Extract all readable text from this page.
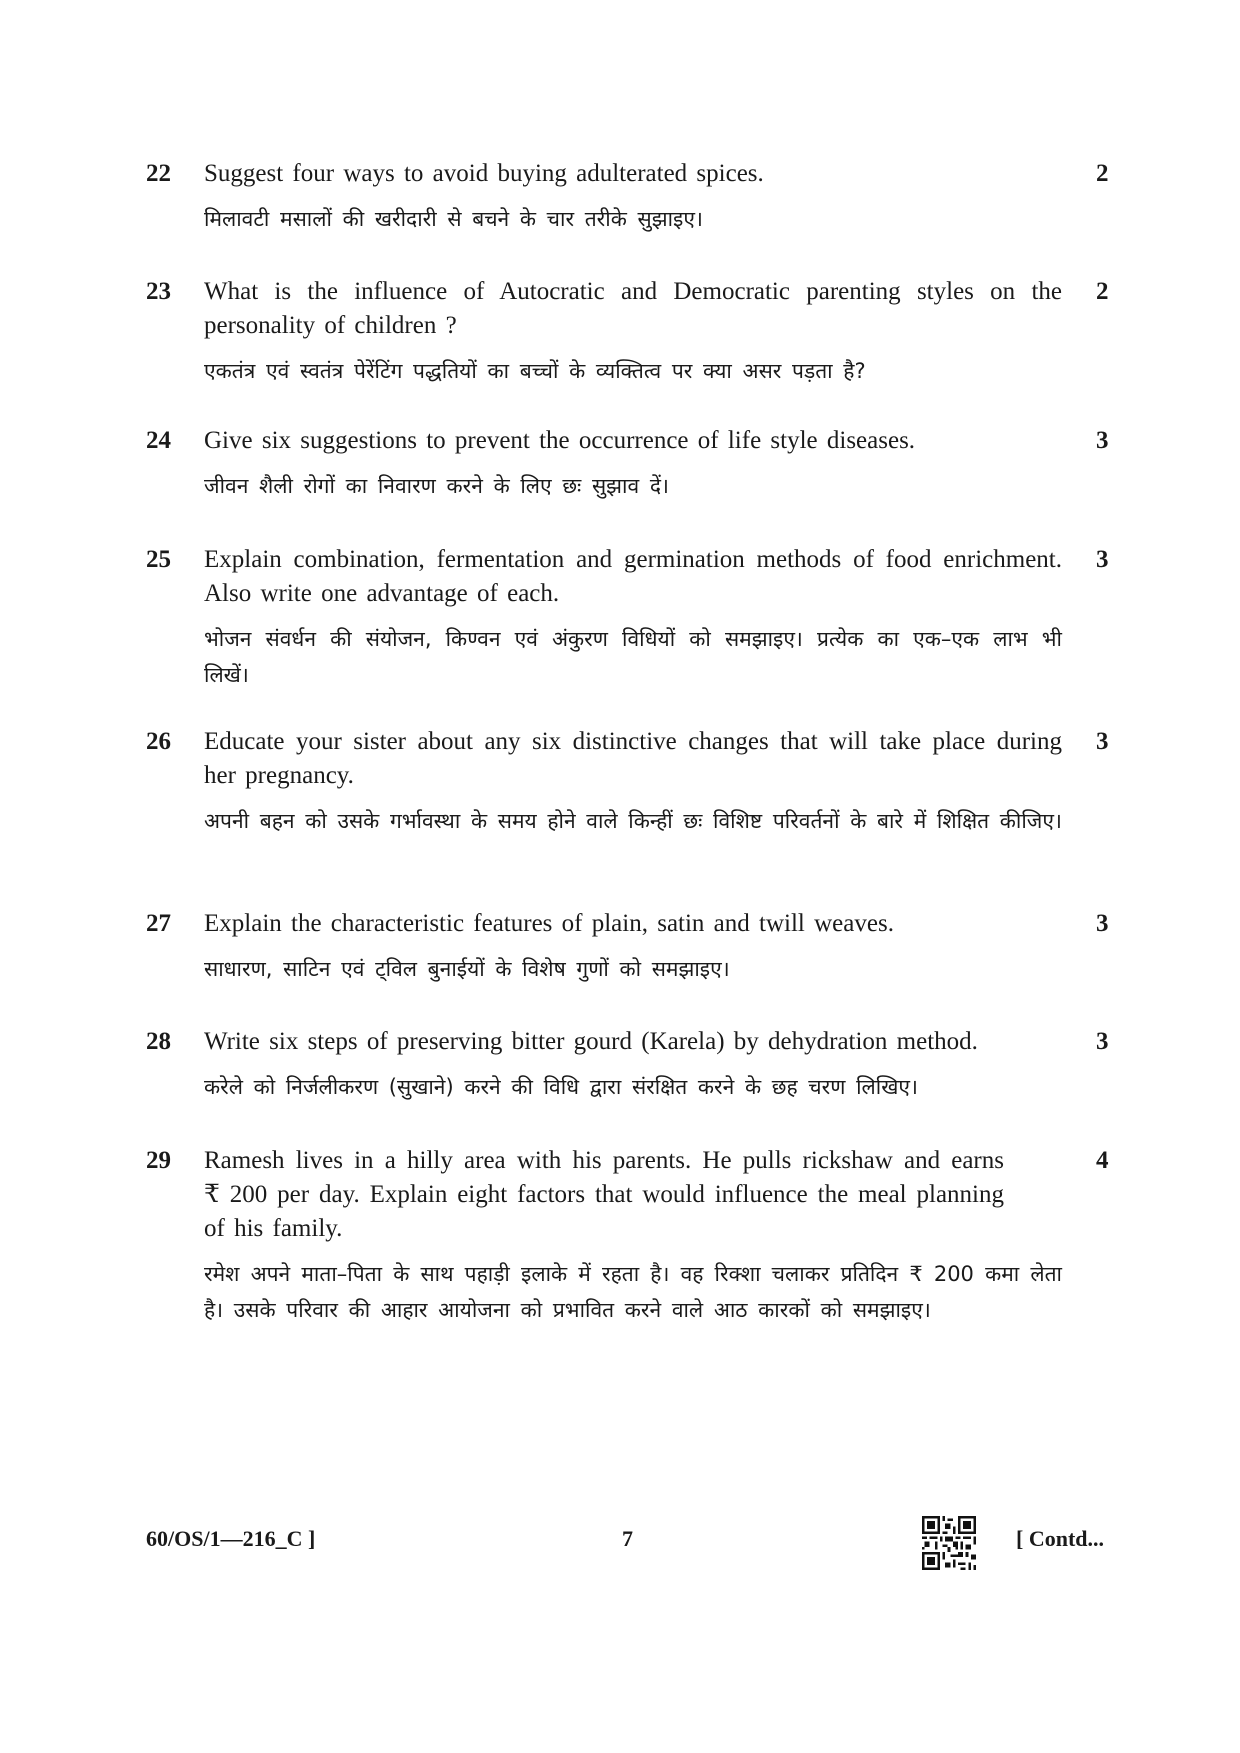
22 Suggest four ways to avoid buying adulterated spices.
मिलावटी मसालों की खरीदारी से बचने के चार तरीके सुझाइए।
2
23 What is the influence of Autocratic and Democratic parenting styles on the personality of children ?
एकतंत्र एवं स्वतंत्र पेरेंटिंग पद्धतियों का बच्चों के व्यक्तित्व पर क्या असर पड़ता है?
2
24 Give six suggestions to prevent the occurrence of life style diseases.
जीवन शैली रोगों का निवारण करने के लिए छः सुझाव दें।
3
25 Explain combination, fermentation and germination methods of food enrichment. Also write one advantage of each.
भोजन संवर्धन की संयोजन, किण्वन एवं अंकुरण विधियों को समझाइए। प्रत्येक का एक–एक लाभ भी लिखें।
3
26 Educate your sister about any six distinctive changes that will take place during her pregnancy.
अपनी बहन को उसके गर्भावस्था के समय होने वाले किन्हीं छः विशिष्ट परिवर्तनों के बारे में शिक्षित कीजिए।
3
27 Explain the characteristic features of plain, satin and twill weaves.
साधारण, साटिन एवं ट्विल बुनाईयों के विशेष गुणों को समझाइए।
3
28 Write six steps of preserving bitter gourd (Karela) by dehydration method.
करेले को निर्जलीकरण (सुखाने) करने की विधि द्वारा संरक्षित करने के छह चरण लिखिए।
3
29 Ramesh lives in a hilly area with his parents. He pulls rickshaw and earns ₹ 200 per day. Explain eight factors that would influence the meal planning of his family.
रमेश अपने माता–पिता के साथ पहाड़ी इलाके में रहता है। वह रिक्शा चलाकर प्रतिदिन ₹ 200 कमा लेता है। उसके परिवार की आहार आयोजना को प्रभावित करने वाले आठ कारकों को समझाइए।
4
60/OS/1—216_C ]	7	[ Contd...
